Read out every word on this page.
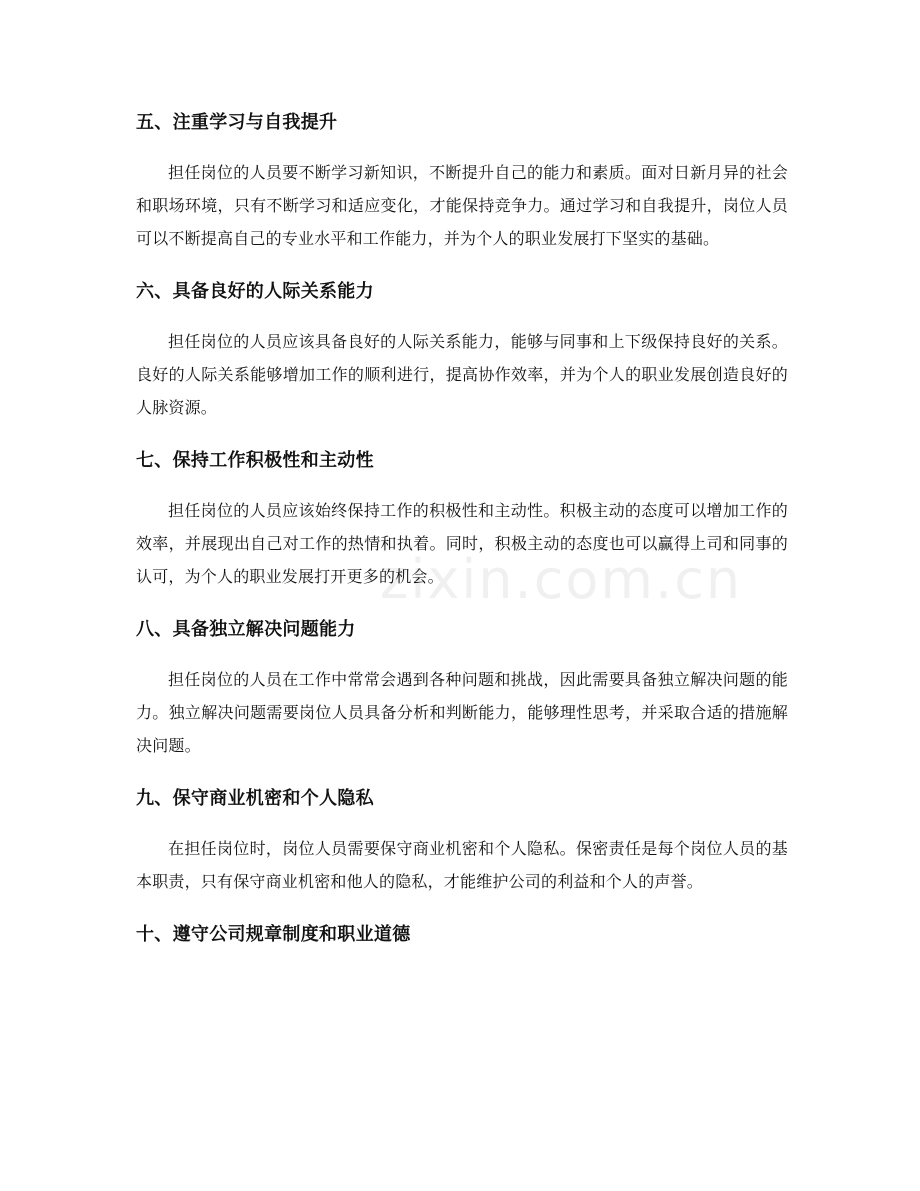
zixin.com.cn
五、注重学习与自我提升

担任岗位的人员要不断学习新知识，不断提升自己的能力和素质。面对日新月异的社会和职场环境，只有不断学习和适应变化，才能保持竞争力。通过学习和自我提升，岗位人员可以不断提高自己的专业水平和工作能力，并为个人的职业发展打下坚实的基础。

六、具备良好的人际关系能力

担任岗位的人员应该具备良好的人际关系能力，能够与同事和上下级保持良好的关系。良好的人际关系能够增加工作的顺利进行，提高协作效率，并为个人的职业发展创造良好的人脉资源。

七、保持工作积极性和主动性

担任岗位的人员应该始终保持工作的积极性和主动性。积极主动的态度可以增加工作的效率，并展现出自己对工作的热情和执着。同时，积极主动的态度也可以赢得上司和同事的认可，为个人的职业发展打开更多的机会。

八、具备独立解决问题能力

担任岗位的人员在工作中常常会遇到各种问题和挑战，因此需要具备独立解决问题的能力。独立解决问题需要岗位人员具备分析和判断能力，能够理性思考，并采取合适的措施解决问题。

九、保守商业机密和个人隐私

在担任岗位时，岗位人员需要保守商业机密和个人隐私。保密责任是每个岗位人员的基本职责，只有保守商业机密和他人的隐私，才能维护公司的利益和个人的声誉。

十、遵守公司规章制度和职业道德
